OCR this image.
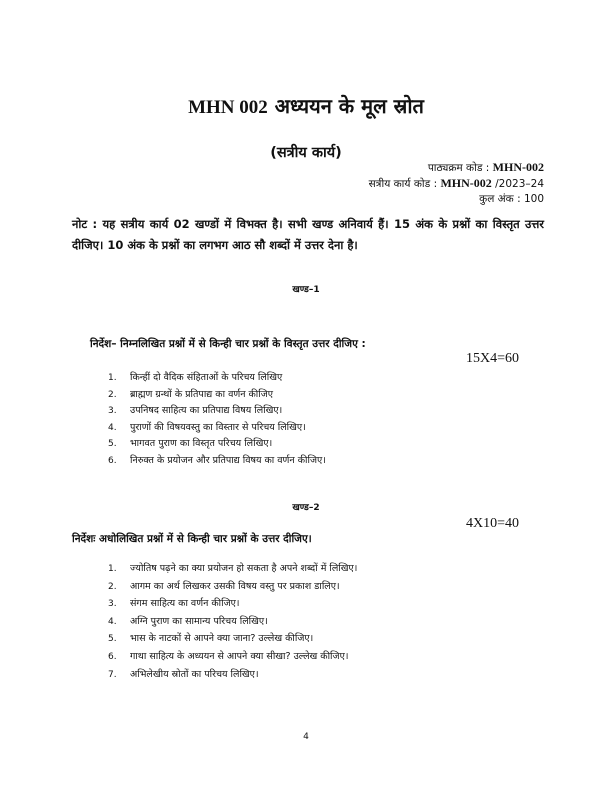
MHN 002 अध्ययन के मूल स्रोत
(सत्रीय कार्य)
पाठ्यक्रम कोड : MHN-002
सत्रीय कार्य कोड : MHN-002 /2023–24
कुल अंक : 100
नोट : यह सत्रीय कार्य 02 खण्डों में विभक्त है। सभी खण्ड अनिवार्य हैं। 15 अंक के प्रश्नों का विस्तृत उत्तर दीजिए। 10 अंक के प्रश्नों का लगभग आठ सौ शब्दों में उत्तर देना है।
खण्ड–1
निर्देश– निम्नलिखित प्रश्नों में से किन्ही चार प्रश्नों के विस्तृत उत्तर दीजिए :
15X4=60
1. किन्हीं दो वैदिक संहिताओं के परिचय लिखिए
2. ब्राह्मण ग्रन्थों के प्रतिपाद्य का वर्णन कीजिए
3. उपनिषद साहित्य का प्रतिपाद्य विषय लिखिए।
4. पुराणों की विषयवस्तु का विस्तार से परिचय लिखिए।
5. भागवत पुराण का विस्तृत परिचय लिखिए।
6. निरुक्त के प्रयोजन और प्रतिपाद्य विषय का वर्णन कीजिए।
खण्ड–2
4X10=40
निर्देशः अधोलिखित प्रश्नों में से किन्ही चार प्रश्नों के उत्तर दीजिए।
1. ज्योतिष पढ़ने का क्या प्रयोजन हो सकता है अपने शब्दों में लिखिए।
2. आगम का अर्थ लिखकर उसकी विषय वस्तु पर प्रकाश डालिए।
3. संगम साहित्य का वर्णन कीजिए।
4. अग्नि पुराण का सामान्य परिचय लिखिए।
5. भास के नाटकों से आपने क्या जाना? उल्लेख कीजिए।
6. गाथा साहित्य के अध्ययन से आपने क्या सीखा? उल्लेख कीजिए।
7. अभिलेखीय स्रोतों का परिचय लिखिए।
4
